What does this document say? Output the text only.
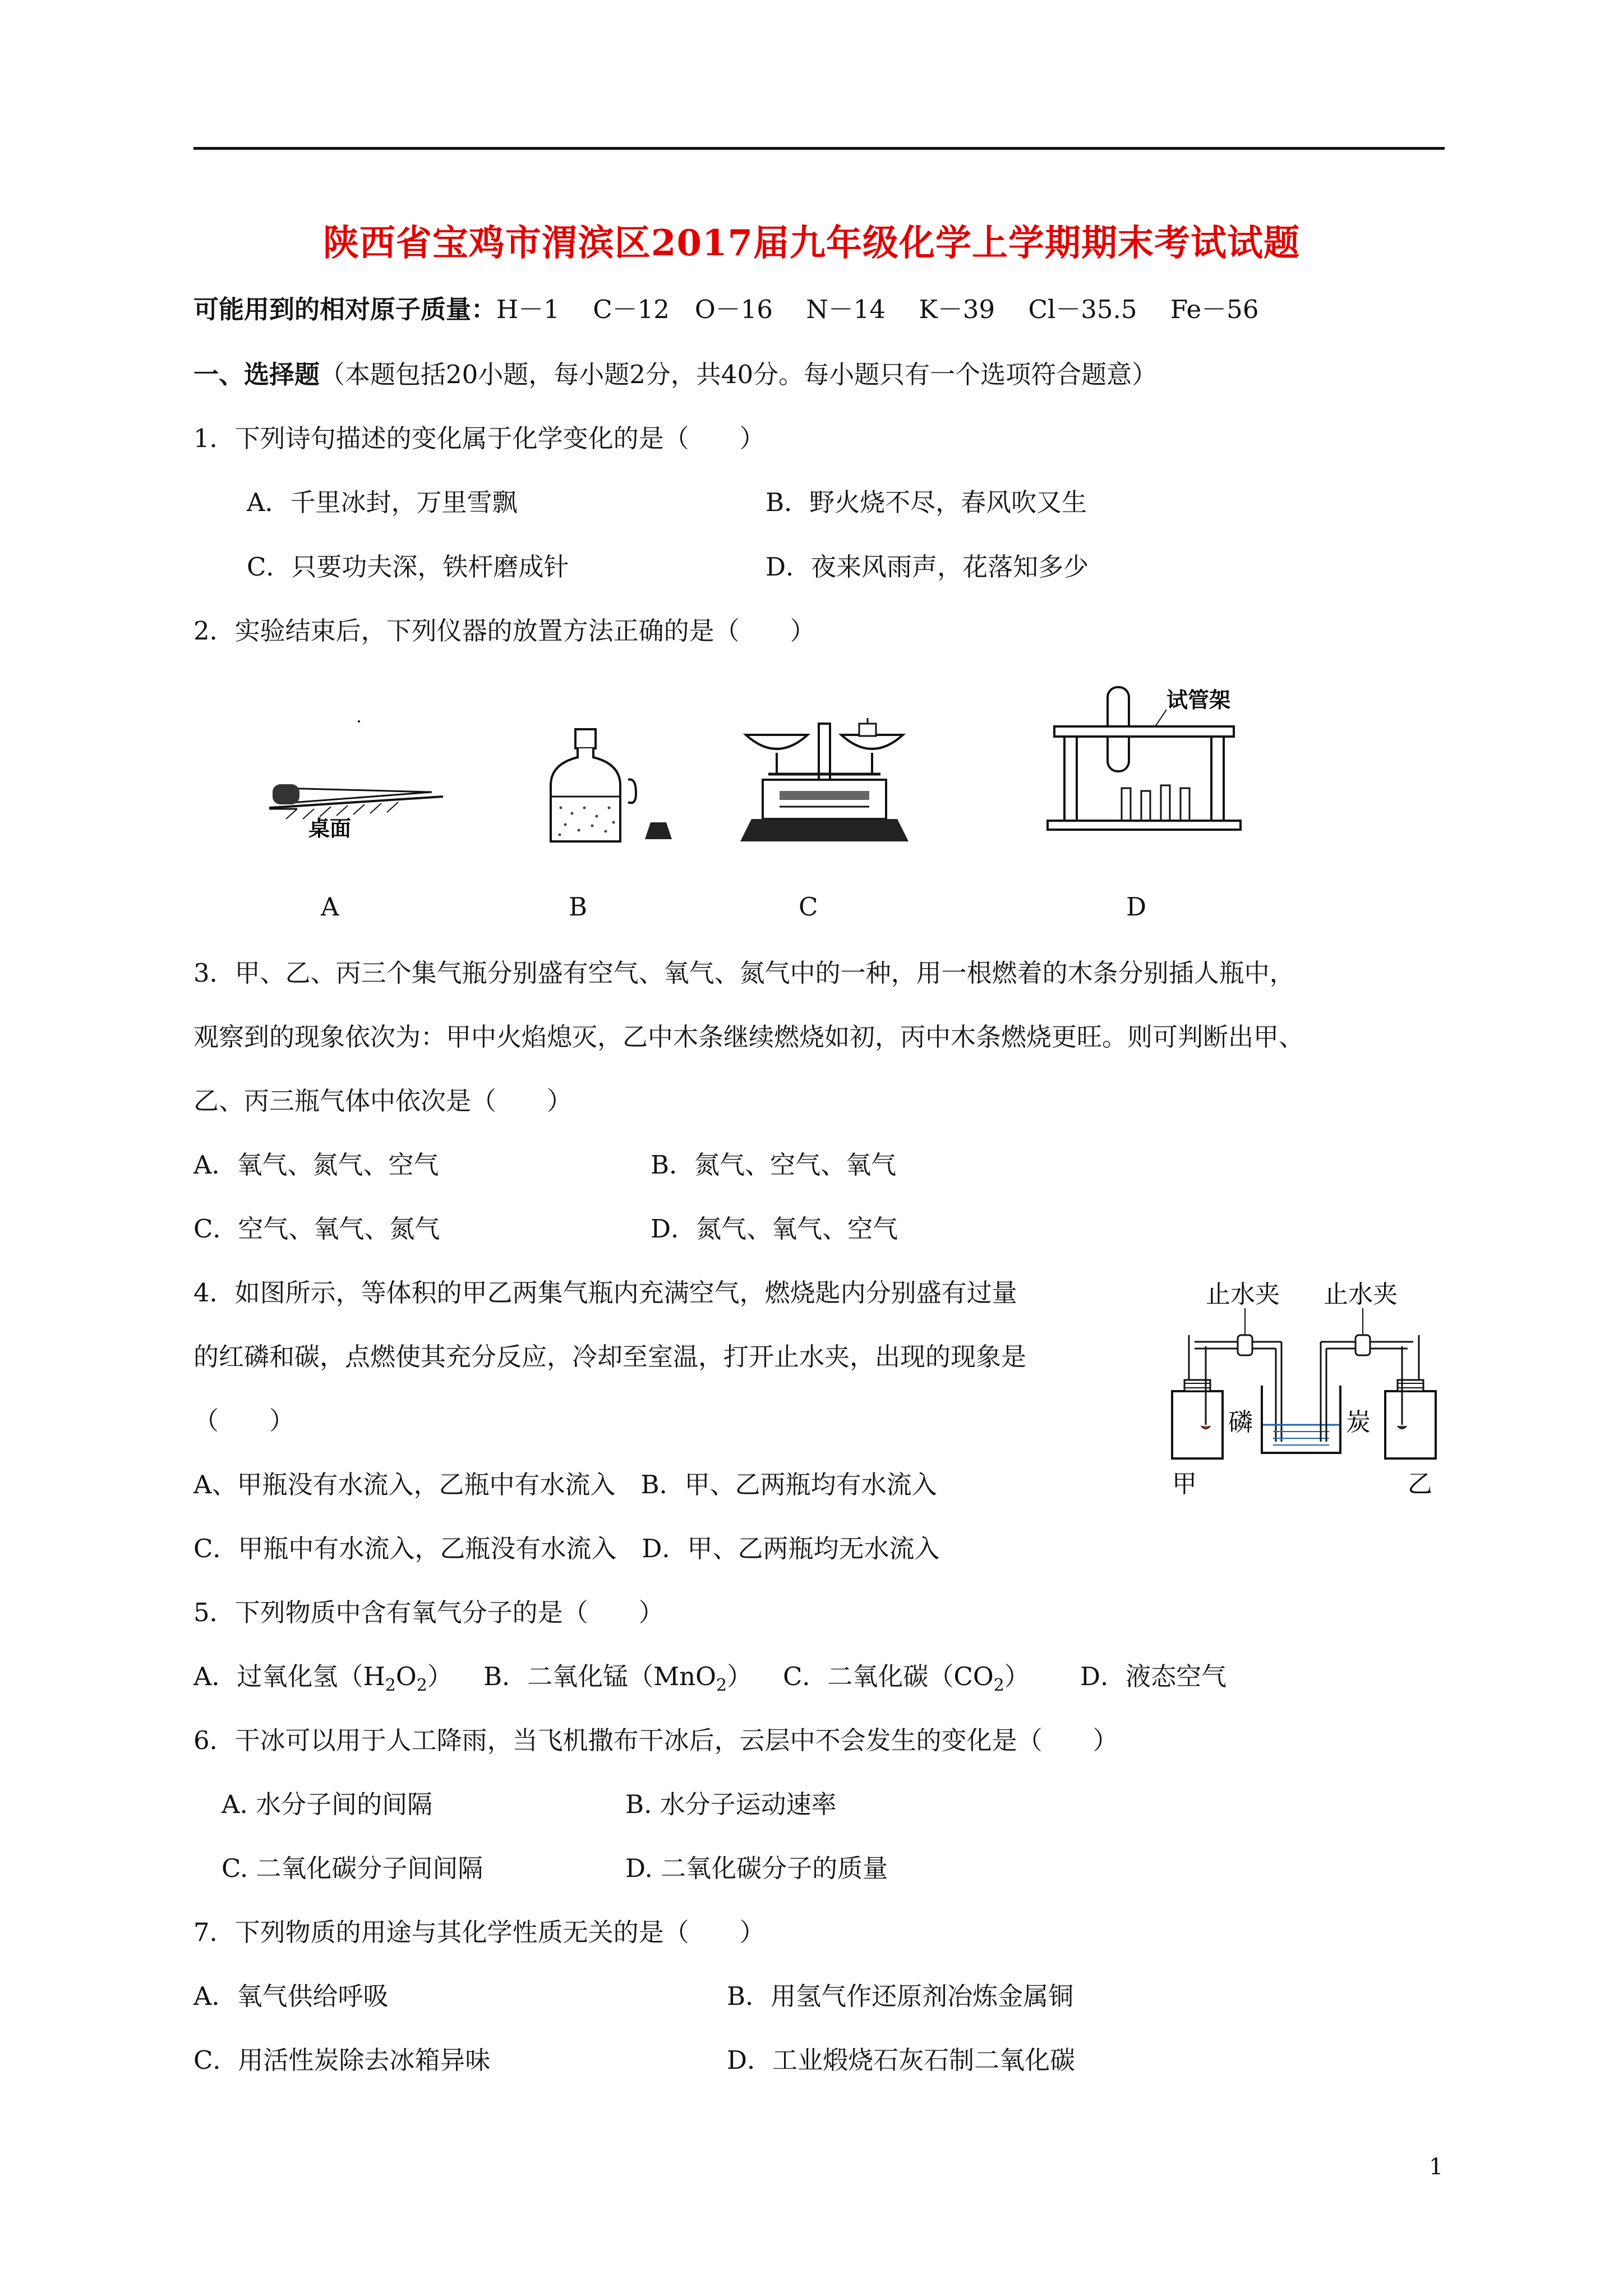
陕西省宝鸡市渭滨区2017届九年级化学上学期期末考试试题
可能用到的相对原子质量：H－1　 C－12　O－16　 N－14　 K－39　 Cl－35.5　 Fe－56
一、选择题（本题包括20小题，每小题2分，共40分。每小题只有一个选项符合题意）
1．下列诗句描述的变化属于化学变化的是（　　）
A．千里冰封，万里雪飘	B．野火烧不尽，春风吹又生
C．只要功夫深，铁杆磨成针	D．夜来风雨声，花落知多少
2．实验结束后，下列仪器的放置方法正确的是（　　）
桌面
试管架
A	B	C	D
3．甲、乙、丙三个集气瓶分别盛有空气、氧气、氮气中的一种，用一根燃着的木条分别插人瓶中，
观察到的现象依次为：甲中火焰熄灭，乙中木条继续燃烧如初，丙中木条燃烧更旺。则可判断出甲、
乙、丙三瓶气体中依次是（　　）
A．氧气、氮气、空气	B．氮气、空气、氧气
C．空气、氧气、氮气	D．氮气、氧气、空气
4．如图所示，等体积的甲乙两集气瓶内充满空气，燃烧匙内分别盛有过量
的红磷和碳，点燃使其充分反应，冷却至室温，打开止水夹，出现的现象是
（　　）
A、甲瓶没有水流入，乙瓶中有水流入　B．甲、乙两瓶均有水流入
C．甲瓶中有水流入，乙瓶没有水流入　D．甲、乙两瓶均无水流入
止水夹 止水夹
磷	炭
甲	乙
5．下列物质中含有氧气分子的是（　　）
A．过氧化氢$(H_2O_2)$ B．二氧化锰（MnO$_2$） C．二氧化碳$(CO_2)$ D．液态空气
6．干冰可以用于人工降雨，当飞机撒布干冰后，云层中不会发生的变化是（　　）
A. 水分子间的间隔	B. 水分子运动速率
C. 二氧化碳分子间间隔	D. 二氧化碳分子的质量
7．下列物质的用途与其化学性质无关的是（　　）
A．氧气供给呼吸	B．用氢气作还原剂冶炼金属铜
C．用活性炭除去冰箱异味	D．工业煅烧石灰石制二氧化碳
1
